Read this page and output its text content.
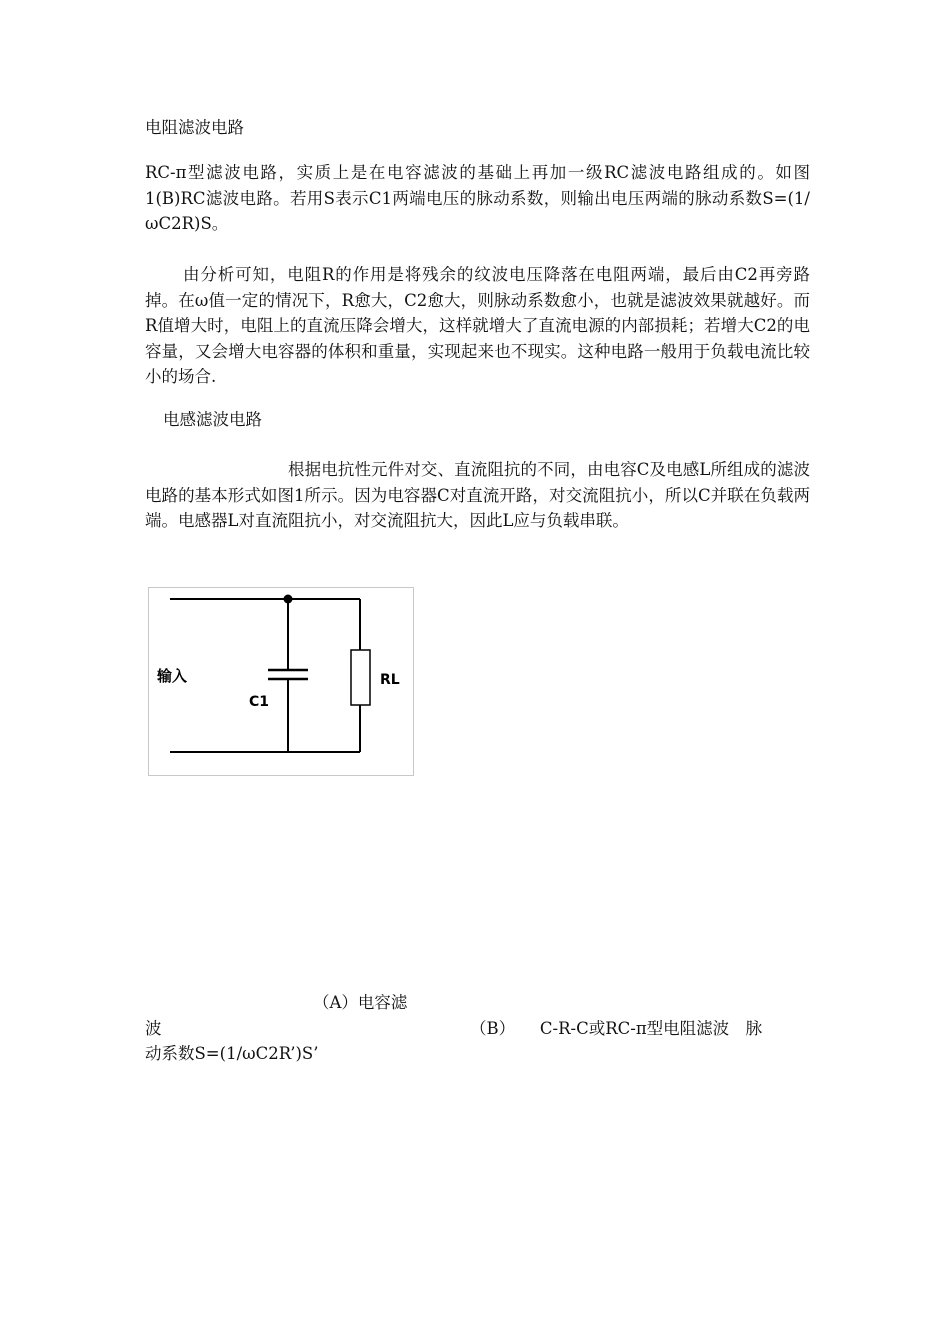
电阻滤波电路
RC-π型滤波电路，实质上是在电容滤波的基础上再加一级RC滤波电路组成的。如图1(B)RC滤波电路。若用S表示C1两端电压的脉动系数，则输出电压两端的脉动系数S=(1/ωC2R)S。
由分析可知，电阻R的作用是将残余的纹波电压降落在电阻两端，最后由C2再旁路掉。在ω值一定的情况下，R愈大，C2愈大，则脉动系数愈小，也就是滤波效果就越好。而R值增大时，电阻上的直流压降会增大，这样就增大了直流电源的内部损耗；若增大C2的电容量，又会增大电容器的体积和重量，实现起来也不现实。这种电路一般用于负载电流比较小的场合.
电感滤波电路
根据电抗性元件对交、直流阻抗的不同，由电容C及电感L所组成的滤波电路的基本形式如图1所示。因为电容器C对直流开路，对交流阻抗小，所以C并联在负载两端。电感器L对直流阻抗小，对交流阻抗大，因此L应与负载串联。
输入
C1
RL
（A）电容滤
波	（B）　　C-R-C或RC-π型电阻滤波　脉
动系数S=(1/ωC2R’)S’
